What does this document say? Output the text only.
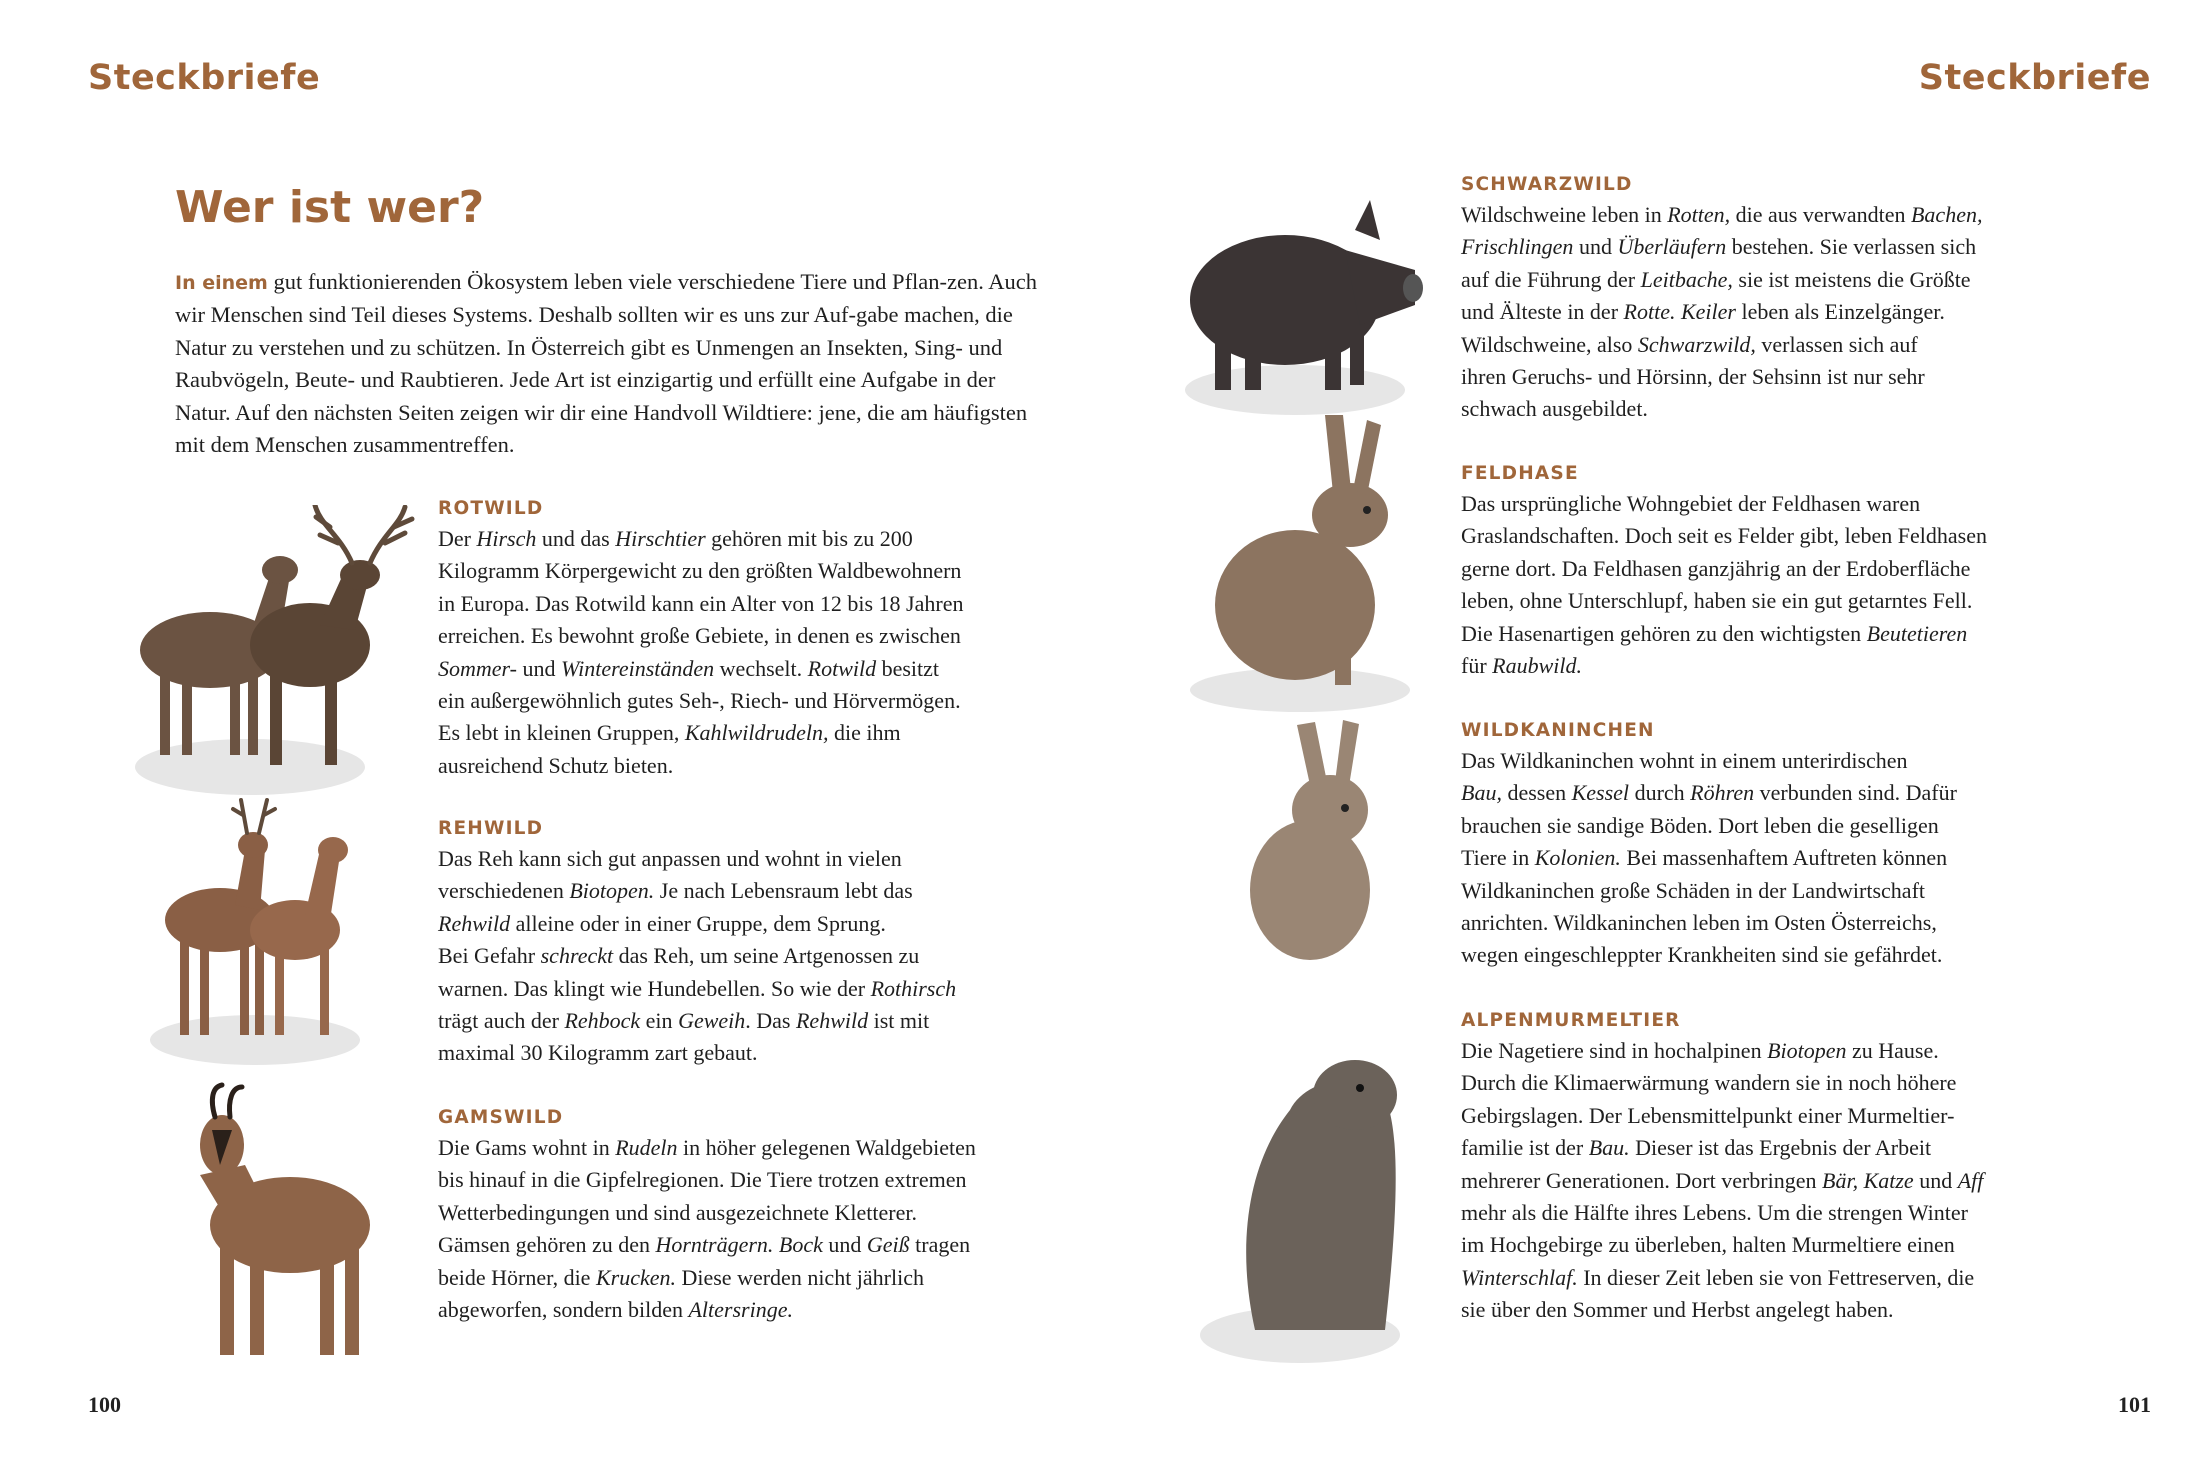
Steckbriefe	Steckbriefe
Wer ist wer?
In einem gut funktionierenden Ökosystem leben viele verschiedene Tiere und Pflan-zen. Auch wir Menschen sind Teil dieses Systems. Deshalb sollten wir es uns zur Auf-gabe machen, die Natur zu verstehen und zu schützen. In Österreich gibt es Unmengen an Insekten, Sing- und Raubvögeln, Beute- und Raubtieren. Jede Art ist einzigartig und erfüllt eine Aufgabe in der Natur. Auf den nächsten Seiten zeigen wir dir eine Handvoll Wildtiere: jene, die am häufigsten mit dem Menschen zusammentreffen.
ROTWILD

Der Hirsch und das Hirschtier gehören mit bis zu 200
Kilogramm Körpergewicht zu den größten Waldbewohnern
in Europa. Das Rotwild kann ein Alter von 12 bis 18 Jahren
erreichen. Es bewohnt große Gebiete, in denen es zwischen
Sommer- und Wintereinständen wechselt. Rotwild besitzt
ein außergewöhnlich gutes Seh-, Riech- und Hörvermögen.
Es lebt in kleinen Gruppen, Kahlwildrudeln, die ihm
ausreichend Schutz bieten.

REHWILD

Das Reh kann sich gut anpassen und wohnt in vielen
verschiedenen Biotopen. Je nach Lebensraum lebt das
Rehwild alleine oder in einer Gruppe, dem Sprung.
Bei Gefahr schreckt das Reh, um seine Artgenossen zu
warnen. Das klingt wie Hundebellen. So wie der Rothirsch
trägt auch der Rehbock ein Geweih. Das Rehwild ist mit
maximal 30 Kilogramm zart gebaut.

GAMSWILD

Die Gams wohnt in Rudeln in höher gelegenen Waldgebieten
bis hinauf in die Gipfelregionen. Die Tiere trotzen extremen
Wetterbedingungen und sind ausgezeichnete Kletterer.
Gämsen gehören zu den Hornträgern. Bock und Geiß tragen
beide Hörner, die Krucken. Diese werden nicht jährlich
abgeworfen, sondern bilden Altersringe.

SCHWARZWILD

Wildschweine leben in Rotten, die aus verwandten Bachen,
Frischlingen und Überläufern bestehen. Sie verlassen sich
auf die Führung der Leitbache, sie ist meistens die Größte
und Älteste in der Rotte. Keiler leben als Einzelgänger.
Wildschweine, also Schwarzwild, verlassen sich auf
ihren Geruchs- und Hörsinn, der Sehsinn ist nur sehr
schwach ausgebildet.

FELDHASE

Das ursprüngliche Wohngebiet der Feldhasen waren
Graslandschaften. Doch seit es Felder gibt, leben Feldhasen
gerne dort. Da Feldhasen ganzjährig an der Erdoberfläche
leben, ohne Unterschlupf, haben sie ein gut getarntes Fell.
Die Hasenartigen gehören zu den wichtigsten Beutetieren
für Raubwild.

WILDKANINCHEN

Das Wildkaninchen wohnt in einem unterirdischen
Bau, dessen Kessel durch Röhren verbunden sind. Dafür
brauchen sie sandige Böden. Dort leben die geselligen
Tiere in Kolonien. Bei massenhaftem Auftreten können
Wildkaninchen große Schäden in der Landwirtschaft
anrichten. Wildkaninchen leben im Osten Österreichs,
wegen eingeschleppter Krankheiten sind sie gefährdet.

ALPENMURMELTIER

Die Nagetiere sind in hochalpinen Biotopen zu Hause.
Durch die Klimaerwärmung wandern sie in noch höhere
Gebirgslagen. Der Lebensmittelpunkt einer Murmeltier-
familie ist der Bau. Dieser ist das Ergebnis der Arbeit
mehrerer Generationen. Dort verbringen Bär, Katze und Aff
mehr als die Hälfte ihres Lebens. Um die strengen Winter
im Hochgebirge zu überleben, halten Murmeltiere einen
Winterschlaf. In dieser Zeit leben sie von Fettreserven, die
sie über den Sommer und Herbst angelegt haben.

100	101
